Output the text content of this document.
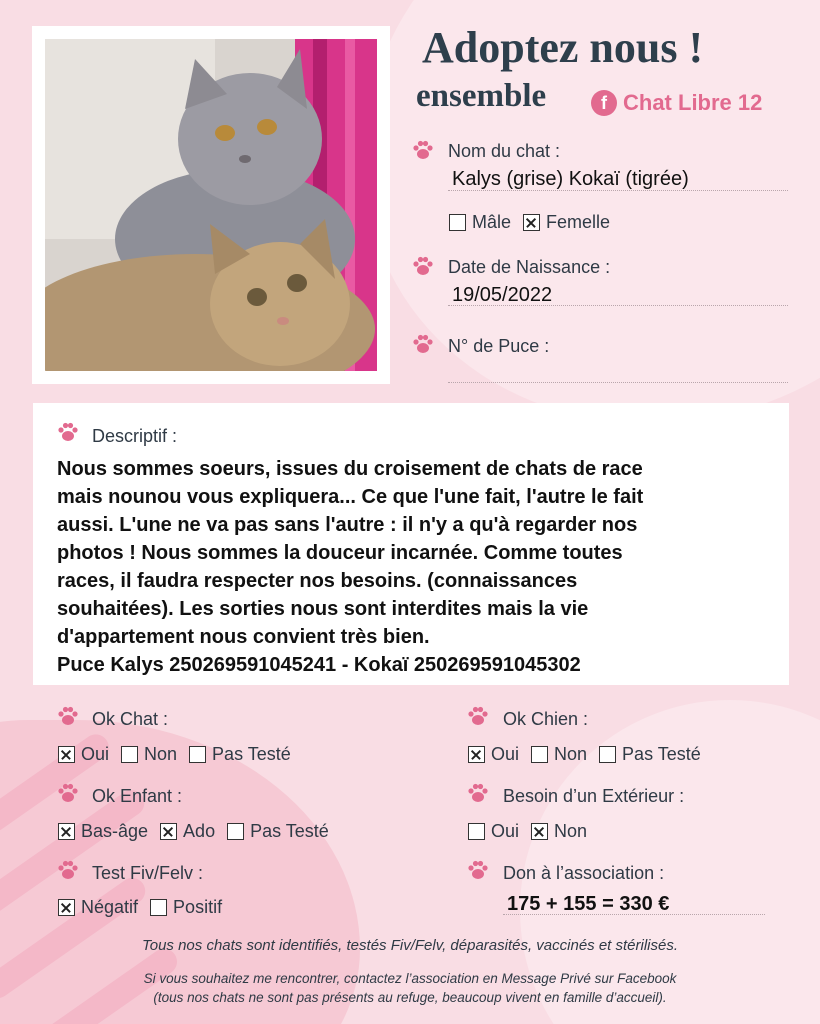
Adoptez nous !
ensemble	f Chat Libre 12
Nom du chat :
Kalys (grise) Kokaï (tigrée)
Mâle Femelle
Date de Naissance :
19/05/2022
N° de Puce :
Descriptif :
Nous sommes soeurs, issues du croisement de chats de race
mais nounou vous expliquera... Ce que l'une fait, l'autre le fait
aussi. L'une ne va pas sans l'autre : il n'y a qu'à regarder nos
photos ! Nous sommes la douceur incarnée. Comme toutes
races, il faudra respecter nos besoins. (connaissances
souhaitées). Les sorties nous sont interdites mais la vie
d'appartement nous convient très bien.
Puce Kalys 250269591045241 - Kokaï 250269591045302
Ok Chat :
Oui Non Pas Testé
Ok Chien :
Oui Non Pas Testé
Ok Enfant :
Bas-âge Ado Pas Testé
Besoin d’un Extérieur :
Oui Non
Test Fiv/Felv :
Négatif Positif
Don à l’association :
175 + 155 = 330 €
Tous nos chats sont identifiés, testés Fiv/Felv, déparasités, vaccinés et stérilisés.
Si vous souhaitez me rencontrer, contactez l’association en Message Privé sur Facebook
(tous nos chats ne sont pas présents au refuge, beaucoup vivent en famille d’accueil).
